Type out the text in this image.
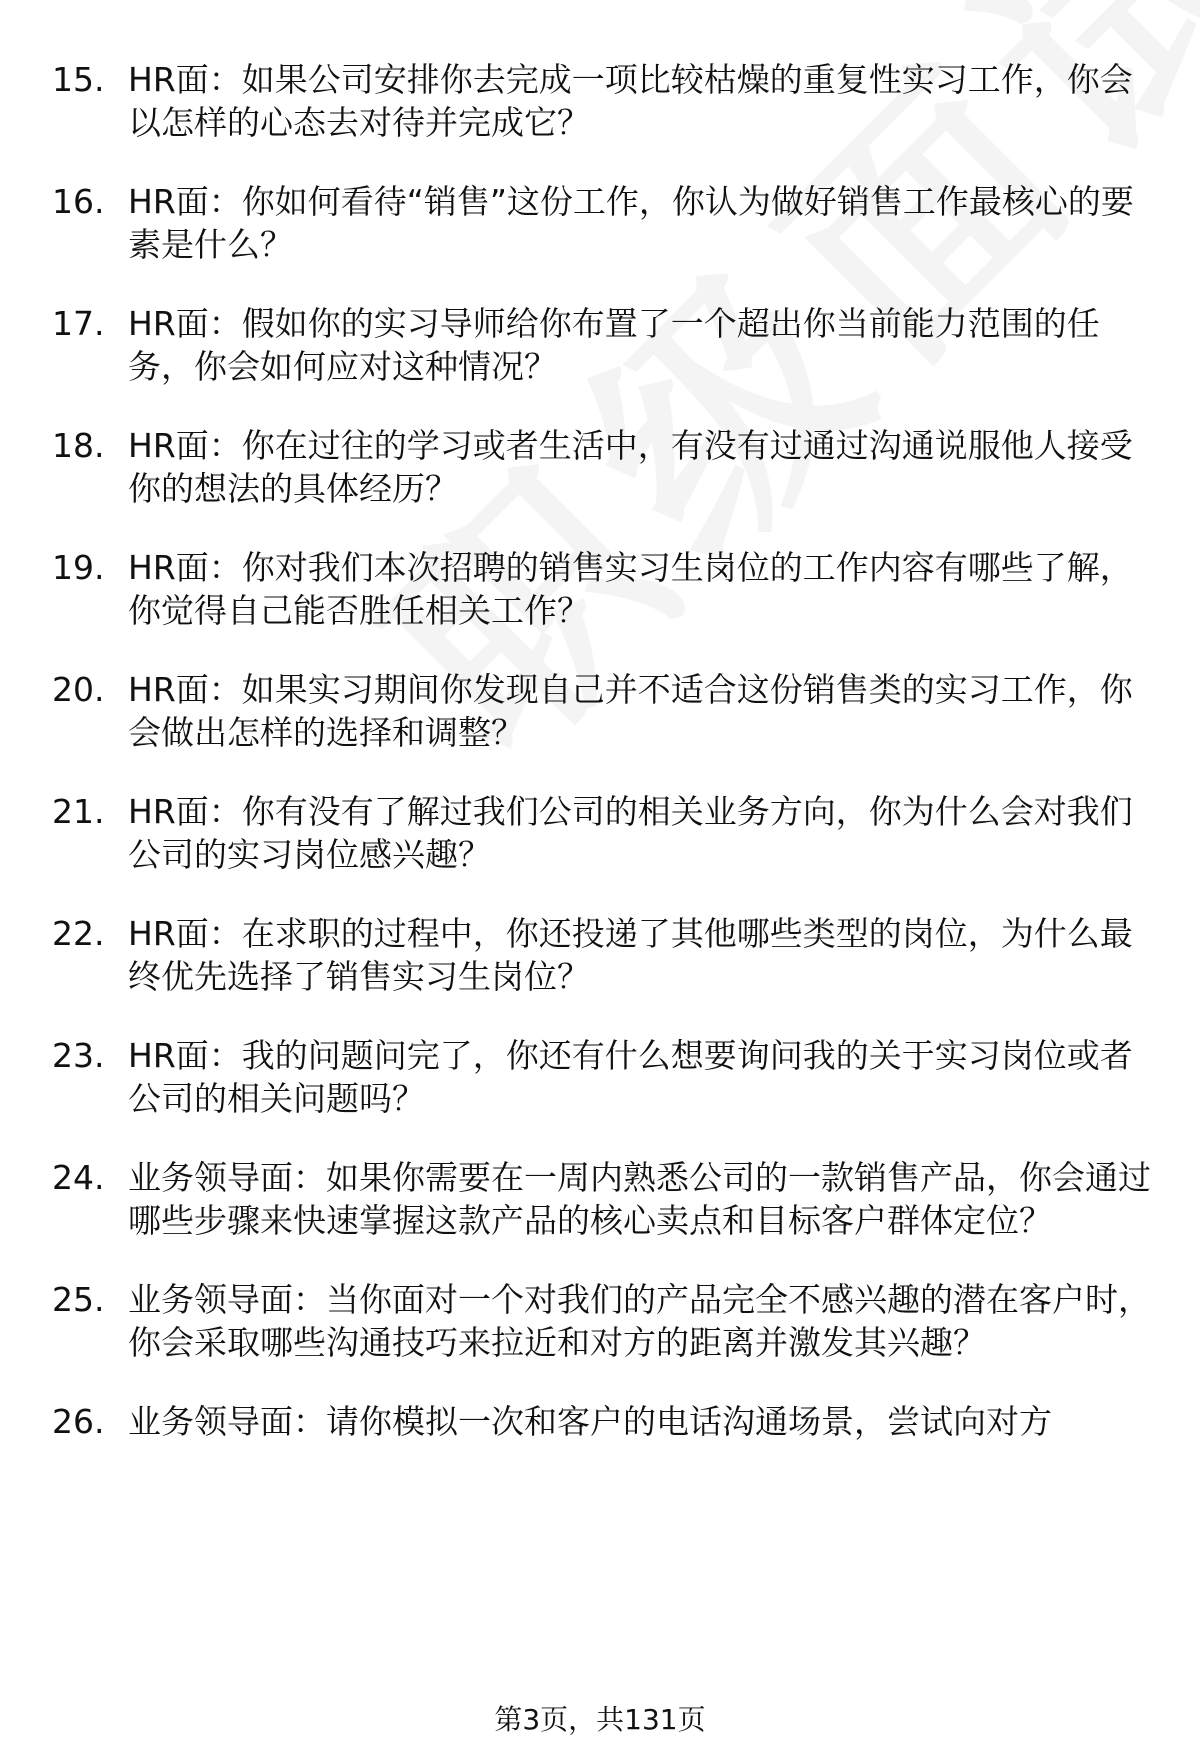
15. HR面：如果公司安排你去完成一项比较枯燥的重复性实习工作，你会以怎样的心态去对待并完成它？
16. HR面：你如何看待“销售”这份工作，你认为做好销售工作最核心的要素是什么？
17. HR面：假如你的实习导师给你布置了一个超出你当前能力范围的任务，你会如何应对这种情况？
18. HR面：你在过往的学习或者生活中，有没有过通过沟通说服他人接受你的想法的具体经历？
19. HR面：你对我们本次招聘的销售实习生岗位的工作内容有哪些了解，你觉得自己能否胜任相关工作？
20. HR面：如果实习期间你发现自己并不适合这份销售类的实习工作，你会做出怎样的选择和调整？
21. HR面：你有没有了解过我们公司的相关业务方向，你为什么会对我们公司的实习岗位感兴趣？
22. HR面：在求职的过程中，你还投递了其他哪些类型的岗位，为什么最终优先选择了销售实习生岗位？
23. HR面：我的问题问完了，你还有什么想要询问我的关于实习岗位或者公司的相关问题吗？
24. 业务领导面：如果你需要在一周内熟悉公司的一款销售产品，你会通过哪些步骤来快速掌握这款产品的核心卖点和目标客户群体定位？
25. 业务领导面：当你面对一个对我们的产品完全不感兴趣的潜在客户时，你会采取哪些沟通技巧来拉近和对方的距离并激发其兴趣？
26. 业务领导面：请你模拟一次和客户的电话沟通场景，尝试向对方
第3页，共131页
